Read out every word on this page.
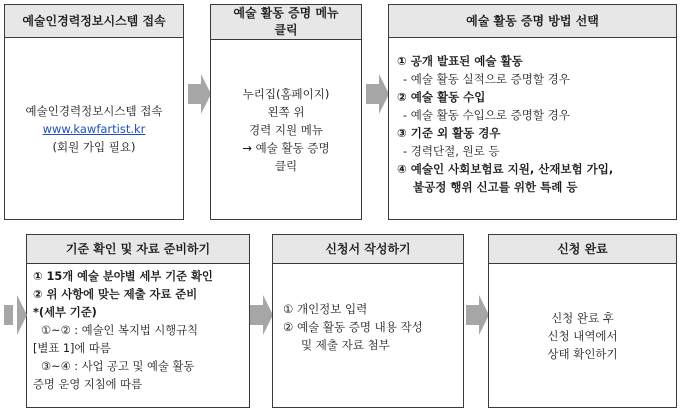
예술인경력정보시스템 접속
예술인경력정보시스템 접속
www.kawfartist.kr
(회원 가입 필요)
예술 활동 증명 메뉴
클릭
누리집(홈페이지)
왼쪽 위
경력 지원 메뉴
→ 예술 활동 증명
클릭
예술 활동 증명 방법 선택
① 공개 발표된 예술 활동
- 예술 활동 실적으로 증명할 경우
② 예술 활동 수입
- 예술 활동 수입으로 증명할 경우
③ 기준 외 활동 경우
- 경력단절, 원로 등
④ 예술인 사회보험료 지원, 산재보험 가입,
불공정 행위 신고를 위한 특례 등
기준 확인 및 자료 준비하기
① 15개 예술 분야별 세부 기준 확인
② 위 사항에 맞는 제출 자료 준비
*(세부 기준)
①~② : 예술인 복지법 시행규칙
[별표 1]에 따름
③~④ : 사업 공고 및 예술 활동
증명 운영 지침에 따름
신청서 작성하기
① 개인정보 입력
② 예술 활동 증명 내용 작성
및 제출 자료 첨부
신청 완료
신청 완료 후
신청 내역에서
상태 확인하기
